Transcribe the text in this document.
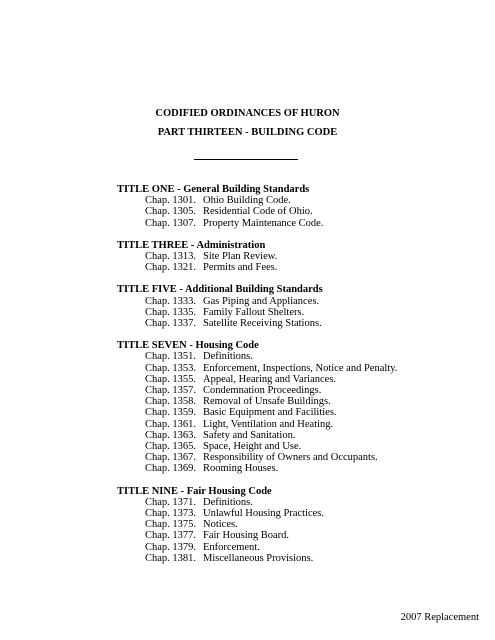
CODIFIED ORDINANCES OF HURON
PART THIRTEEN - BUILDING CODE
TITLE ONE - General Building Standards
Chap. 1301. Ohio Building Code.
Chap. 1305. Residential Code of Ohio.
Chap. 1307. Property Maintenance Code.
TITLE THREE - Administration
Chap. 1313. Site Plan Review.
Chap. 1321. Permits and Fees.
TITLE FIVE - Additional Building Standards
Chap. 1333. Gas Piping and Appliances.
Chap. 1335. Family Fallout Shelters.
Chap. 1337. Satellite Receiving Stations.
TITLE SEVEN - Housing Code
Chap. 1351. Definitions.
Chap. 1353. Enforcement, Inspections, Notice and Penalty.
Chap. 1355. Appeal, Hearing and Variances.
Chap. 1357. Condemnation Proceedings.
Chap. 1358. Removal of Unsafe Buildings.
Chap. 1359. Basic Equipment and Facilities.
Chap. 1361. Light, Ventilation and Heating.
Chap. 1363. Safety and Sanitation.
Chap. 1365. Space, Height and Use.
Chap. 1367. Responsibility of Owners and Occupants.
Chap. 1369. Rooming Houses.
TITLE NINE - Fair Housing Code
Chap. 1371. Definitions.
Chap. 1373. Unlawful Housing Practices.
Chap. 1375. Notices.
Chap. 1377. Fair Housing Board.
Chap. 1379. Enforcement.
Chap. 1381. Miscellaneous Provisions.
2007 Replacement
